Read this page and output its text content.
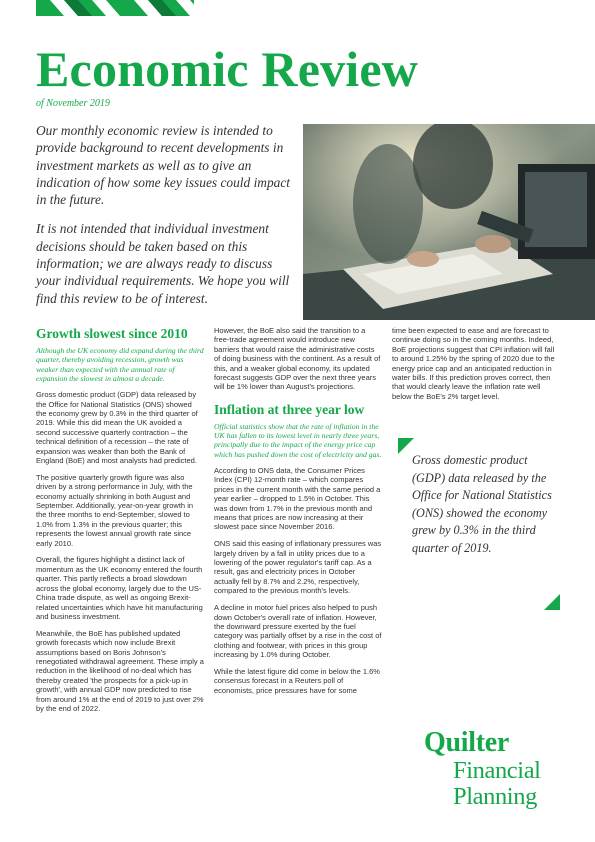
Economic Review
of November 2019

Our monthly economic review is intended to provide background to recent developments in investment markets as well as to give an indication of how some key issues could impact in the future.

It is not intended that individual investment decisions should be taken based on this information; we are always ready to discuss your individual requirements. We hope you will find this review to be of interest.

Growth slowest since 2010

Although the UK economy did expand during the third quarter, thereby avoiding recession, growth was weaker than expected with the annual rate of expansion the slowest in almost a decade.

Gross domestic product (GDP) data released by the Office for National Statistics (ONS) showed the economy grew by 0.3% in the third quarter of 2019. While this did mean the UK avoided a second successive quarterly contraction – the technical definition of a recession – the rate of expansion was weaker than both the Bank of England (BoE) and most analysts had predicted.

The positive quarterly growth figure was also driven by a strong performance in July, with the economy actually shrinking in both August and September. Additionally, year-on-year growth in the three months to end-September, slowed to 1.0% from 1.3% in the previous quarter; this represents the lowest annual growth rate since early 2010.

Overall, the figures highlight a distinct lack of momentum as the UK economy entered the fourth quarter. This partly reflects a broad slowdown across the global economy, largely due to the US-China trade dispute, as well as ongoing Brexit-related uncertainties which have hit manufacturing and business investment.

Meanwhile, the BoE has published updated growth forecasts which now include Brexit assumptions based on Boris Johnson's renegotiated withdrawal agreement. These imply a reduction in the likelihood of no-deal which has thereby created 'the prospects for a pick-up in growth', with annual GDP now predicted to rise from around 1% at the end of 2019 to just over 2% by the end of 2022.

However, the BoE also said the transition to a free-trade agreement would introduce new barriers that would raise the administrative costs of doing business with the continent. As a result of this, and a weaker global economy, its updated forecast suggests GDP over the next three years will be 1% lower than August's projections.

Inflation at three year low

Official statistics show that the rate of inflation in the UK has fallen to its lowest level in nearly three years, principally due to the impact of the energy price cap which has pushed down the cost of electricity and gas.

According to ONS data, the Consumer Prices Index (CPI) 12-month rate – which compares prices in the current month with the same period a year earlier – dropped to 1.5% in October. This was down from 1.7% in the previous month and means that prices are now increasing at their slowest pace since November 2016.

ONS said this easing of inflationary pressures was largely driven by a fall in utility prices due to a lowering of the power regulator's tariff cap. As a result, gas and electricity prices in October actually fell by 8.7% and 2.2%, respectively, compared to the previous month's levels.

A decline in motor fuel prices also helped to push down October's overall rate of inflation. However, the downward pressure exerted by the fuel category was partially offset by a rise in the cost of clothing and footwear, with prices in this group increasing by 1.0% during October.

While the latest figure did come in below the 1.6% consensus forecast in a Reuters poll of economists, price pressures have for some

time been expected to ease and are forecast to continue doing so in the coming months. Indeed, BoE projections suggest that CPI inflation will fall to around 1.25% by the spring of 2020 due to the energy price cap and an anticipated reduction in water bills. If this prediction proves correct, then that would clearly leave the inflation rate well below the BoE's 2% target level.

Gross domestic product (GDP) data released by the Office for National Statistics (ONS) showed the economy grew by 0.3% in the third quarter of 2019.

Quilter
Financial
Planning
